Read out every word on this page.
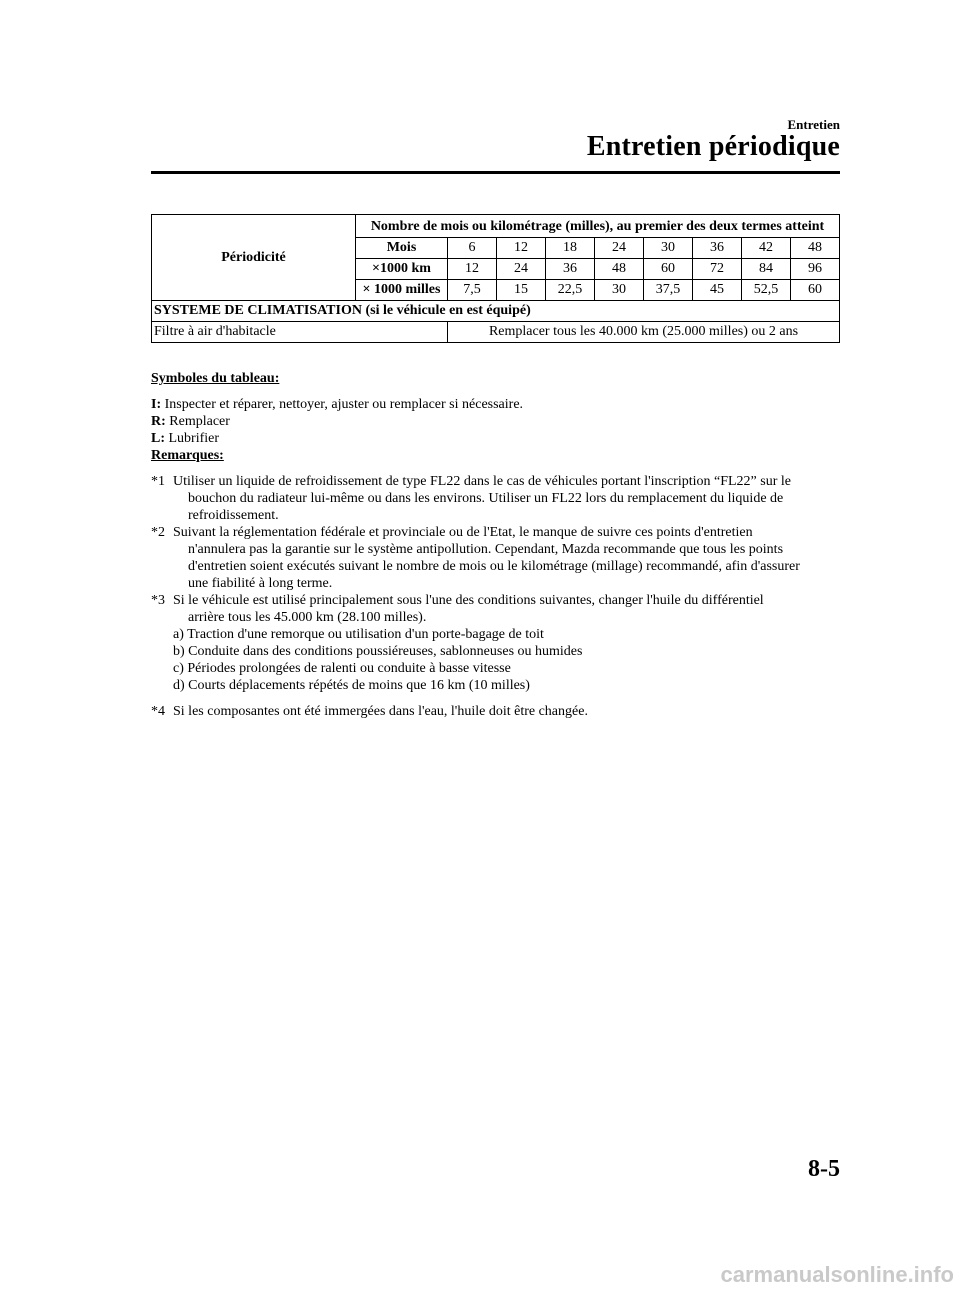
Entretien
Entretien périodique
Périodicité	Nombre de mois ou kilométrage (milles), au premier des deux termes atteint								
	Mois	6	12	18	24	30	36	42	48
	×1000 km	12	24	36	48	60	72	84	96
	× 1000 milles	7,5	15	22,5	30	37,5	45	52,5	60
SYSTEME DE CLIMATISATION (si le véhicule en est équipé)									
Filtre à air d'habitacle		Remplacer tous les 40.000 km (25.000 milles) ou 2 ans							

Symboles du tableau:

I: Inspecter et réparer, nettoyer, ajuster ou remplacer si nécessaire.

R: Remplacer

L: Lubrifier

Remarques:

*1 Utiliser un liquide de refroidissement de type FL22 dans le cas de véhicules portant l'inscription “FL22” sur le

bouchon du radiateur lui-même ou dans les environs. Utiliser un FL22 lors du remplacement du liquide de

refroidissement.

*2 Suivant la réglementation fédérale et provinciale ou de l'Etat, le manque de suivre ces points d'entretien

n'annulera pas la garantie sur le système antipollution. Cependant, Mazda recommande que tous les points

d'entretien soient exécutés suivant le nombre de mois ou le kilométrage (millage) recommandé, afin d'assurer

une fiabilité à long terme.

*3 Si le véhicule est utilisé principalement sous l'une des conditions suivantes, changer l'huile du différentiel

arrière tous les 45.000 km (28.100 milles).

a) Traction d'une remorque ou utilisation d'un porte-bagage de toit

b) Conduite dans des conditions poussiéreuses, sablonneuses ou humides

c) Périodes prolongées de ralenti ou conduite à basse vitesse

d) Courts déplacements répétés de moins que 16 km (10 milles)

*4 Si les composantes ont été immergées dans l'eau, l'huile doit être changée.

8-5
carmanualsonline.info
